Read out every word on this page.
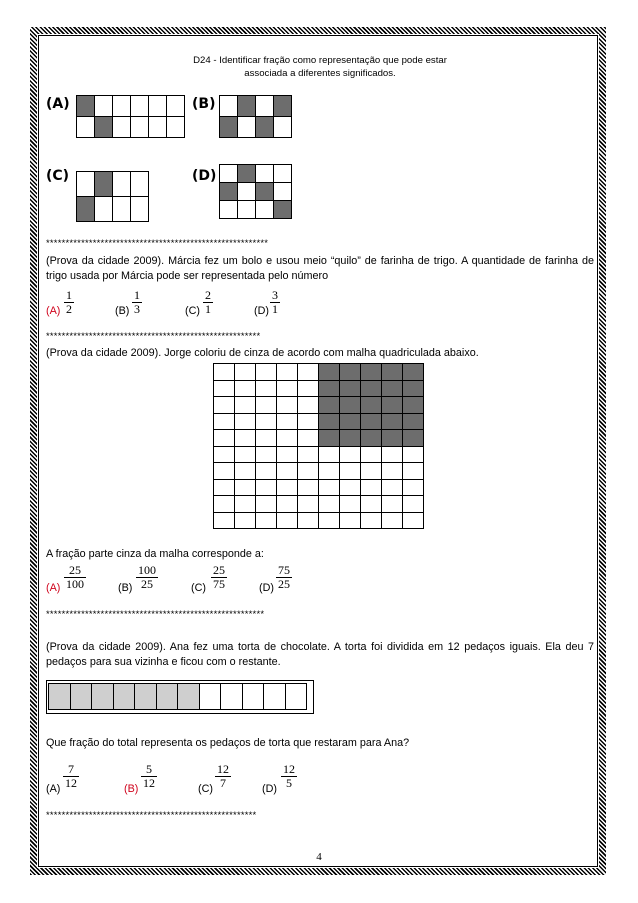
D24 - Identificar fração como representação que pode estar
associada a diferentes significados.
(A)	(B)
(C)	(D)
*********************************************************
(Prova da cidade 2009). Márcia fez um bolo e usou meio “quilo” de farinha de trigo. A quantidade de farinha de trigo usada por Márcia pode ser representada pelo número
$(A) \frac{1}{2}$	$(B) \frac{1}{3}$	$(C) \frac{2}{1}$	$(D) \frac{3}{1}$
*******************************************************
(Prova da cidade 2009). Jorge coloriu de cinza de acordo com malha quadriculada abaixo.
A fração parte cinza da malha corresponde a:
$(A) \frac{25}{100}$	$(B) \frac{100}{25}$	$(C) \frac{25}{75}$	$(D) \frac{75}{25}$
********************************************************
(Prova da cidade 2009). Ana fez uma torta de chocolate. A torta foi dividida em 12 pedaços iguais. Ela deu 7 pedaços para sua vizinha e ficou com o restante.
Que fração do total representa os pedaços de torta que restaram para Ana?
$(A) \frac{7}{12}$	$(B) \frac{5}{12}$	$(C) \frac{12}{7}$	$(D) \frac{12}{5}$
******************************************************
4
